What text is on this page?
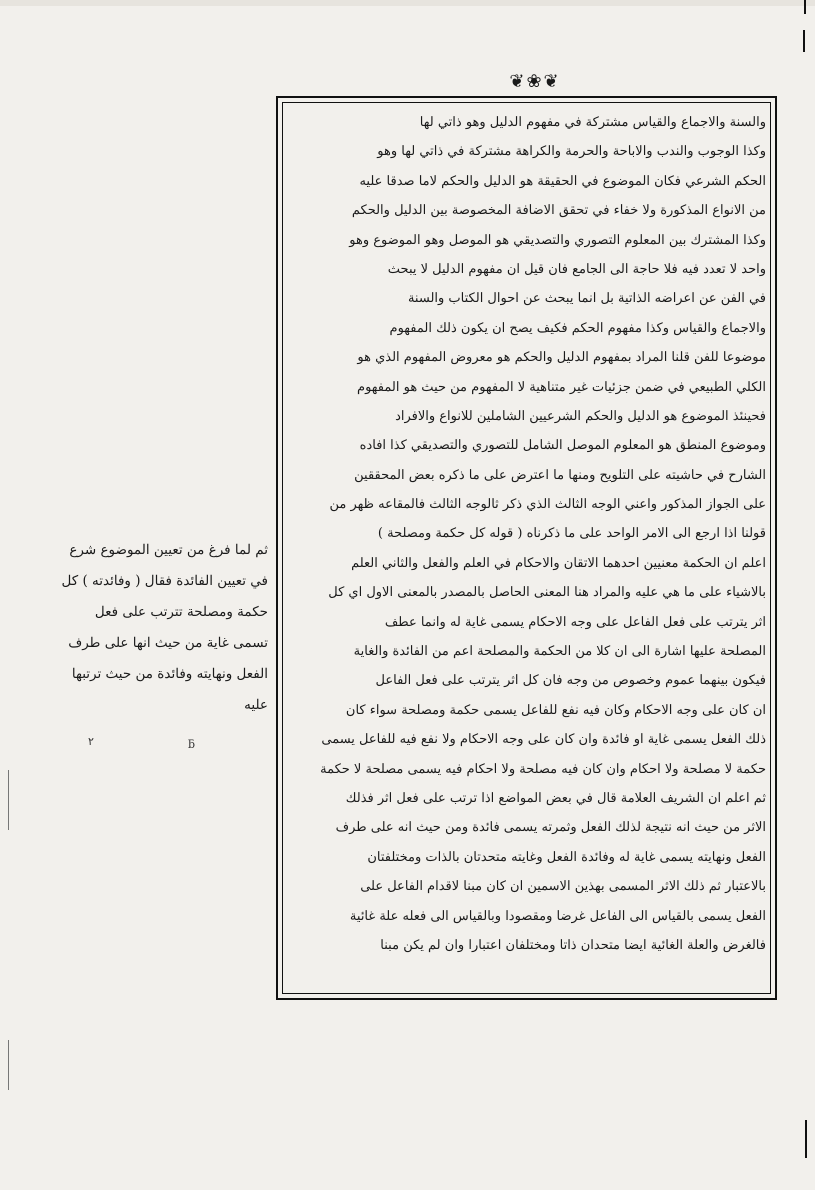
❦❀❦
والسنة والاجماع والقياس مشتركة في مفهوم الدليل وهو ذاتي لها
وكذا الوجوب والندب والاباحة والحرمة والكراهة مشتركة في ذاتي لها وهو
الحكم الشرعي فكان الموضوع في الحقيقة هو الدليل والحكم لاما صدقا عليه
من الانواع المذكورة ولا خفاء في تحقق الاضافة المخصوصة بين الدليل والحكم
وكذا المشترك بين المعلوم التصوري والتصديقي هو الموصل وهو الموضوع وهو
واحد لا تعدد فيه فلا حاجة الى الجامع فان قيل ان مفهوم الدليل لا يبحث
في الفن عن اعراضه الذاتية بل انما يبحث عن احوال الكتاب والسنة
والاجماع والقياس وكذا مفهوم الحكم فكيف يصح ان يكون ذلك المفهوم
موضوعا للفن قلنا المراد بمفهوم الدليل والحكم هو معروض المفهوم الذي هو
الكلي الطبيعي في ضمن جزئيات غير متناهية لا المفهوم من حيث هو المفهوم
فحينئذ الموضوع هو الدليل والحكم الشرعيين الشاملين للانواع والافراد
وموضوع المنطق هو المعلوم الموصل الشامل للتصوري والتصديقي كذا افاده
الشارح في حاشيته على التلويح ومنها ما اعترض على ما ذكره بعض المحققين
على الجواز المذكور واعني الوجه الثالث الذي ذكر ثالوجه الثالث فالمقاعه ظهر من
قولنا اذا ارجع الى الامر الواحد على ما ذكرناه ( قوله كل حكمة ومصلحة )
اعلم ان الحكمة معنيين احدهما الاتقان والاحكام في العلم والفعل والثاني العلم
بالاشياء على ما هي عليه والمراد هنا المعنى الحاصل بالمصدر بالمعنى الاول اي كل
اثر يترتب على فعل الفاعل على وجه الاحكام يسمى غاية له وانما عطف
المصلحة عليها اشارة الى ان كلا من الحكمة والمصلحة اعم من الفائدة والغاية
فيكون بينهما عموم وخصوص من وجه فان كل اثر يترتب على فعل الفاعل
ان كان على وجه الاحكام وكان فيه نفع للفاعل يسمى حكمة ومصلحة سواء كان
ذلك الفعل يسمى غاية او فائدة وان كان على وجه الاحكام ولا نفع فيه للفاعل يسمى
حكمة لا مصلحة ولا احكام وان كان فيه مصلحة ولا احكام فيه يسمى مصلحة لا حكمة
ثم اعلم ان الشريف العلامة قال في بعض المواضع اذا ترتب على فعل اثر فذلك
الاثر من حيث انه نتيجة لذلك الفعل وثمرته يسمى فائدة ومن حيث انه على طرف
الفعل ونهايته يسمى غاية له وفائدة الفعل وغايته متحدتان بالذات ومختلفتان
بالاعتبار ثم ذلك الاثر المسمى بهذين الاسمين ان كان مبنا لاقدام الفاعل على
الفعل يسمى بالقياس الى الفاعل غرضا ومقصودا وبالقياس الى فعله علة غائية
فالغرض والعلة الغائية ايضا متحدان ذاتا ومختلفان اعتبارا وان لم يكن مبنا
ثم لما فرغ من تعيين الموضوع شرع
في تعيين الفائدة فقال ( وفائدته ) كل
حكمة ومصلحة تترتب على فعل
تسمى غاية من حيث انها على طرف
الفعل ونهايته وفائدة من حيث ترتبها
عليه
ƃ
٢
